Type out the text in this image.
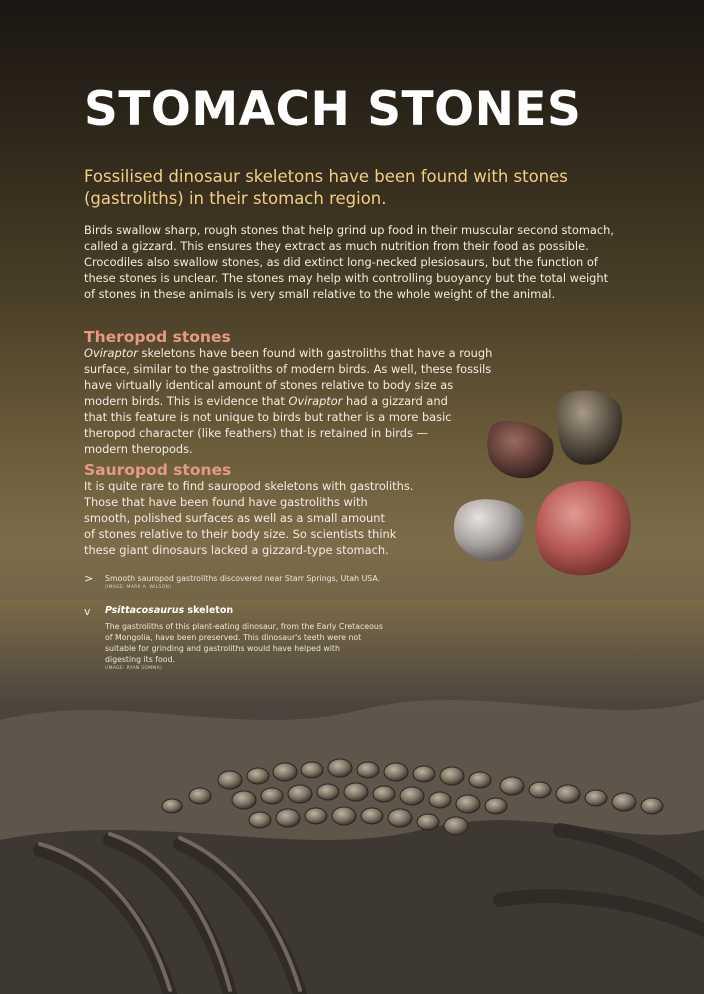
STOMACH STONES

Fossilised dinosaur skeletons have been found with stones (gastroliths) in their stomach region.

Birds swallow sharp, rough stones that help grind up food in their muscular second stomach, called a gizzard. This ensures they extract as much nutrition from their food as possible. Crocodiles also swallow stones, as did extinct long-necked plesiosaurs, but the function of these stones is unclear. The stones may help with controlling buoyancy but the total weight of stones in these animals is very small relative to the whole weight of the animal.

Theropod stones

Oviraptor skeletons have been found with gastroliths that have a rough
surface, similar to the gastroliths of modern birds. As well, these fossils
have virtually identical amount of stones relative to body size as
modern birds. This is evidence that Oviraptor had a gizzard and
that this feature is not unique to birds but rather is a more basic
theropod character (like feathers) that is retained in birds —
modern theropods.

Sauropod stones

It is quite rare to find sauropod skeletons with gastroliths.
Those that have been found have gastroliths with
smooth, polished surfaces as well as a small amount
of stones relative to their body size. So scientists think
these giant dinosaurs lacked a gizzard-type stomach.

> Smooth sauropod gastroliths discovered near Starr Springs, Utah USA.
(IMAGE: MARK A. WILSON)
v Psittacosaurus skeleton
The gastroliths of this plant-eating dinosaur, from the Early Cretaceous
of Mongolia, have been preserved. This dinosaur's teeth were not
suitable for grinding and gastroliths would have helped with
digesting its food.
(IMAGE: RYAN SOMMA)
